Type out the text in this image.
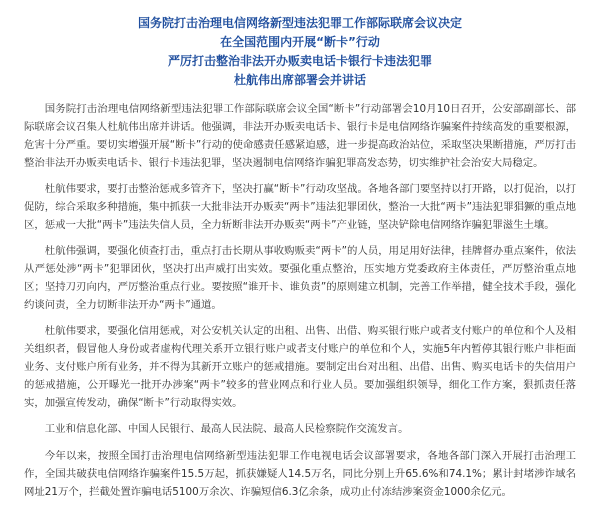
国务院打击治理电信网络新型违法犯罪工作部际联席会议决定
在全国范围内开展“断卡”行动
严厉打击整治非法开办贩卖电话卡银行卡违法犯罪
杜航伟出席部署会并讲话

国务院打击治理电信网络新型违法犯罪工作部际联席会议全国“断卡”行动部署会10月10日召开，公安部副部长、部际联席会议召集人杜航伟出席并讲话。他强调，非法开办贩卖电话卡、银行卡是电信网络诈骗案件持续高发的重要根源，危害十分严重。要切实增强开展“断卡”行动的使命感责任感紧迫感，进一步提高政治站位，采取坚决果断措施，严厉打击整治非法开办贩卖电话卡、银行卡违法犯罪，坚决遏制电信网络诈骗犯罪高发态势，切实维护社会治安大局稳定。

杜航伟要求，要打击整治惩戒多管齐下，坚决打赢“断卡”行动攻坚战。各地各部门要坚持以打开路，以打促治，以打促防，综合采取多种措施，集中抓获一大批非法开办贩卖“两卡”违法犯罪团伙，整治一大批“两卡”违法犯罪猖獗的重点地区，惩戒一大批“两卡”违法失信人员，全力斩断非法开办贩卖“两卡”产业链，坚决铲除电信网络诈骗犯罪滋生土壤。

杜航伟强调，要强化侦查打击，重点打击长期从事收购贩卖“两卡”的人员，用足用好法律，挂牌督办重点案件，依法从严惩处涉“两卡”犯罪团伙，坚决打出声威打出实效。要强化重点整治，压实地方党委政府主体责任，严厉整治重点地区；坚持刀刃向内，严厉整治重点行业。要按照“谁开卡、谁负责”的原则建立机制，完善工作举措，健全技术手段，强化约谈问责，全力切断非法开办“两卡”通道。

杜航伟要求，要强化信用惩戒，对公安机关认定的出租、出售、出借、购买银行账户或者支付账户的单位和个人及相关组织者，假冒他人身份或者虚构代理关系开立银行账户或者支付账户的单位和个人，实施5年内暂停其银行账户非柜面业务、支付账户所有业务，并不得为其新开立账户的惩戒措施。要制定出台对出租、出借、出售、购买电话卡的失信用户的惩戒措施，公开曝光一批开办涉案“两卡”较多的营业网点和行业人员。要加强组织领导，细化工作方案，狠抓责任落实，加强宣传发动，确保“断卡”行动取得实效。

工业和信息化部、中国人民银行、最高人民法院、最高人民检察院作交流发言。

今年以来，按照全国打击治理电信网络新型违法犯罪工作电视电话会议部署要求，各地各部门深入开展打击治理工作，全国共破获电信网络诈骗案件15.5万起，抓获嫌疑人14.5万名，同比分别上升65.6%和74.1%；累计封堵涉诈域名网址21万个，拦截处置诈骗电话5100万余次、诈骗短信6.3亿余条，成功止付冻结涉案资金1000余亿元。
